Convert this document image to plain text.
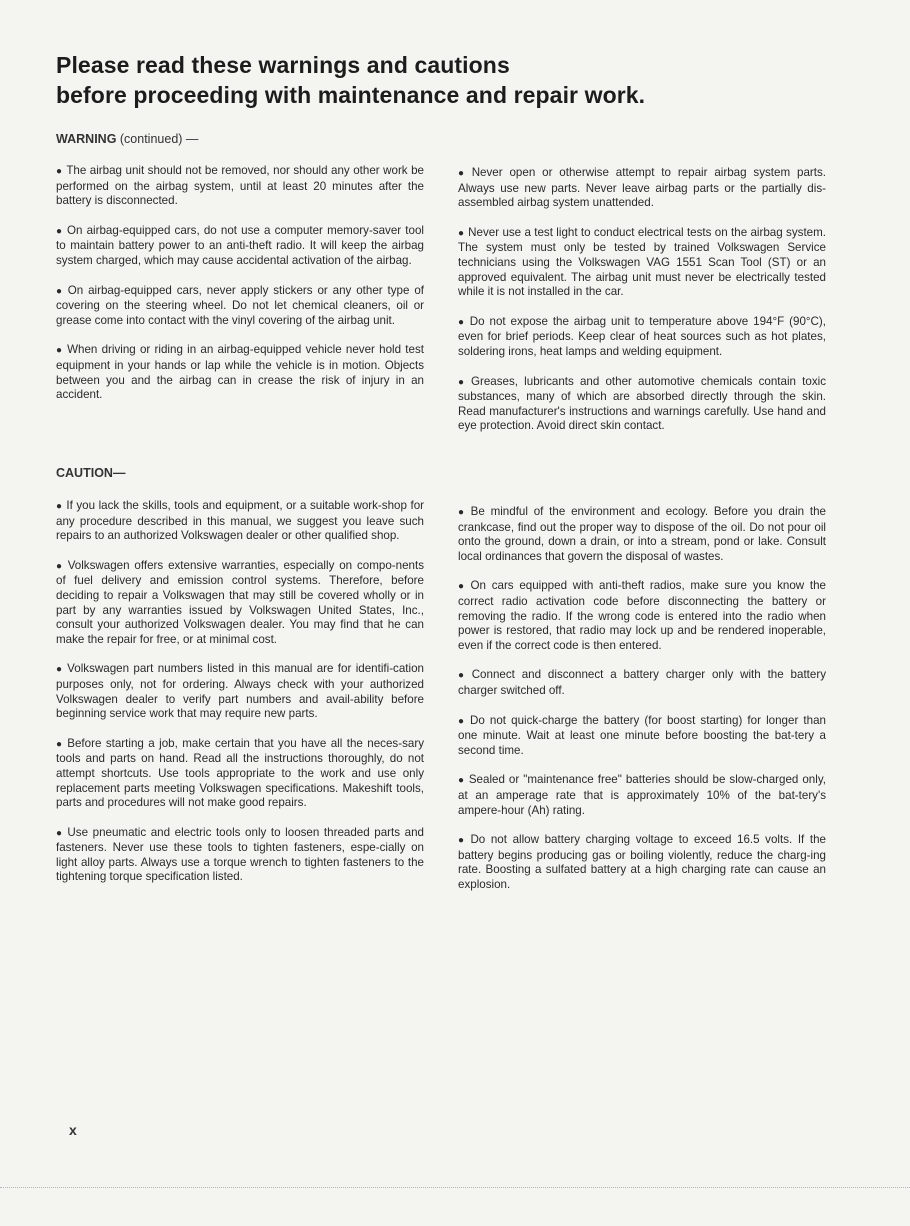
Please read these warnings and cautions
before proceeding with maintenance and repair work.
WARNING (continued) —

● The airbag unit should not be removed, nor should any other work be performed on the airbag system, until at least 20 minutes after the battery is disconnected.

● On airbag-equipped cars, do not use a computer memory-saver tool to maintain battery power to an anti-theft radio. It will keep the airbag system charged, which may cause accidental activation of the airbag.

● On airbag-equipped cars, never apply stickers or any other type of covering on the steering wheel. Do not let chemical cleaners, oil or grease come into contact with the vinyl covering of the airbag unit.

● When driving or riding in an airbag-equipped vehicle never hold test equipment in your hands or lap while the vehicle is in motion. Objects between you and the airbag can in crease the risk of injury in an accident.

● Never open or otherwise attempt to repair airbag system parts. Always use new parts. Never leave airbag parts or the partially dis-assembled airbag system unattended.

● Never use a test light to conduct electrical tests on the airbag system. The system must only be tested by trained Volkswagen Service technicians using the Volkswagen VAG 1551 Scan Tool (ST) or an approved equivalent. The airbag unit must never be electrically tested while it is not installed in the car.

● Do not expose the airbag unit to temperature above 194°F (90°C), even for brief periods. Keep clear of heat sources such as hot plates, soldering irons, heat lamps and welding equipment.

● Greases, lubricants and other automotive chemicals contain toxic substances, many of which are absorbed directly through the skin. Read manufacturer's instructions and warnings carefully. Use hand and eye protection. Avoid direct skin contact.

CAUTION—

● If you lack the skills, tools and equipment, or a suitable work-shop for any procedure described in this manual, we suggest you leave such repairs to an authorized Volkswagen dealer or other qualified shop.

● Volkswagen offers extensive warranties, especially on compo-nents of fuel delivery and emission control systems. Therefore, before deciding to repair a Volkswagen that may still be covered wholly or in part by any warranties issued by Volkswagen United States, Inc., consult your authorized Volkswagen dealer. You may find that he can make the repair for free, or at minimal cost.

● Volkswagen part numbers listed in this manual are for identifi-cation purposes only, not for ordering. Always check with your authorized Volkswagen dealer to verify part numbers and avail-ability before beginning service work that may require new parts.

● Before starting a job, make certain that you have all the neces-sary tools and parts on hand. Read all the instructions thoroughly, do not attempt shortcuts. Use tools appropriate to the work and use only replacement parts meeting Volkswagen specifications. Makeshift tools, parts and procedures will not make good repairs.

● Use pneumatic and electric tools only to loosen threaded parts and fasteners. Never use these tools to tighten fasteners, espe-cially on light alloy parts. Always use a torque wrench to tighten fasteners to the tightening torque specification listed.

● Be mindful of the environment and ecology. Before you drain the crankcase, find out the proper way to dispose of the oil. Do not pour oil onto the ground, down a drain, or into a stream, pond or lake. Consult local ordinances that govern the disposal of wastes.

● On cars equipped with anti-theft radios, make sure you know the correct radio activation code before disconnecting the battery or removing the radio. If the wrong code is entered into the radio when power is restored, that radio may lock up and be rendered inoperable, even if the correct code is then entered.

● Connect and disconnect a battery charger only with the battery charger switched off.

● Do not quick-charge the battery (for boost starting) for longer than one minute. Wait at least one minute before boosting the bat-tery a second time.

● Sealed or "maintenance free" batteries should be slow-charged only, at an amperage rate that is approximately 10% of the bat-tery's ampere-hour (Ah) rating.

● Do not allow battery charging voltage to exceed 16.5 volts. If the battery begins producing gas or boiling violently, reduce the charg-ing rate. Boosting a sulfated battery at a high charging rate can cause an explosion.

x
